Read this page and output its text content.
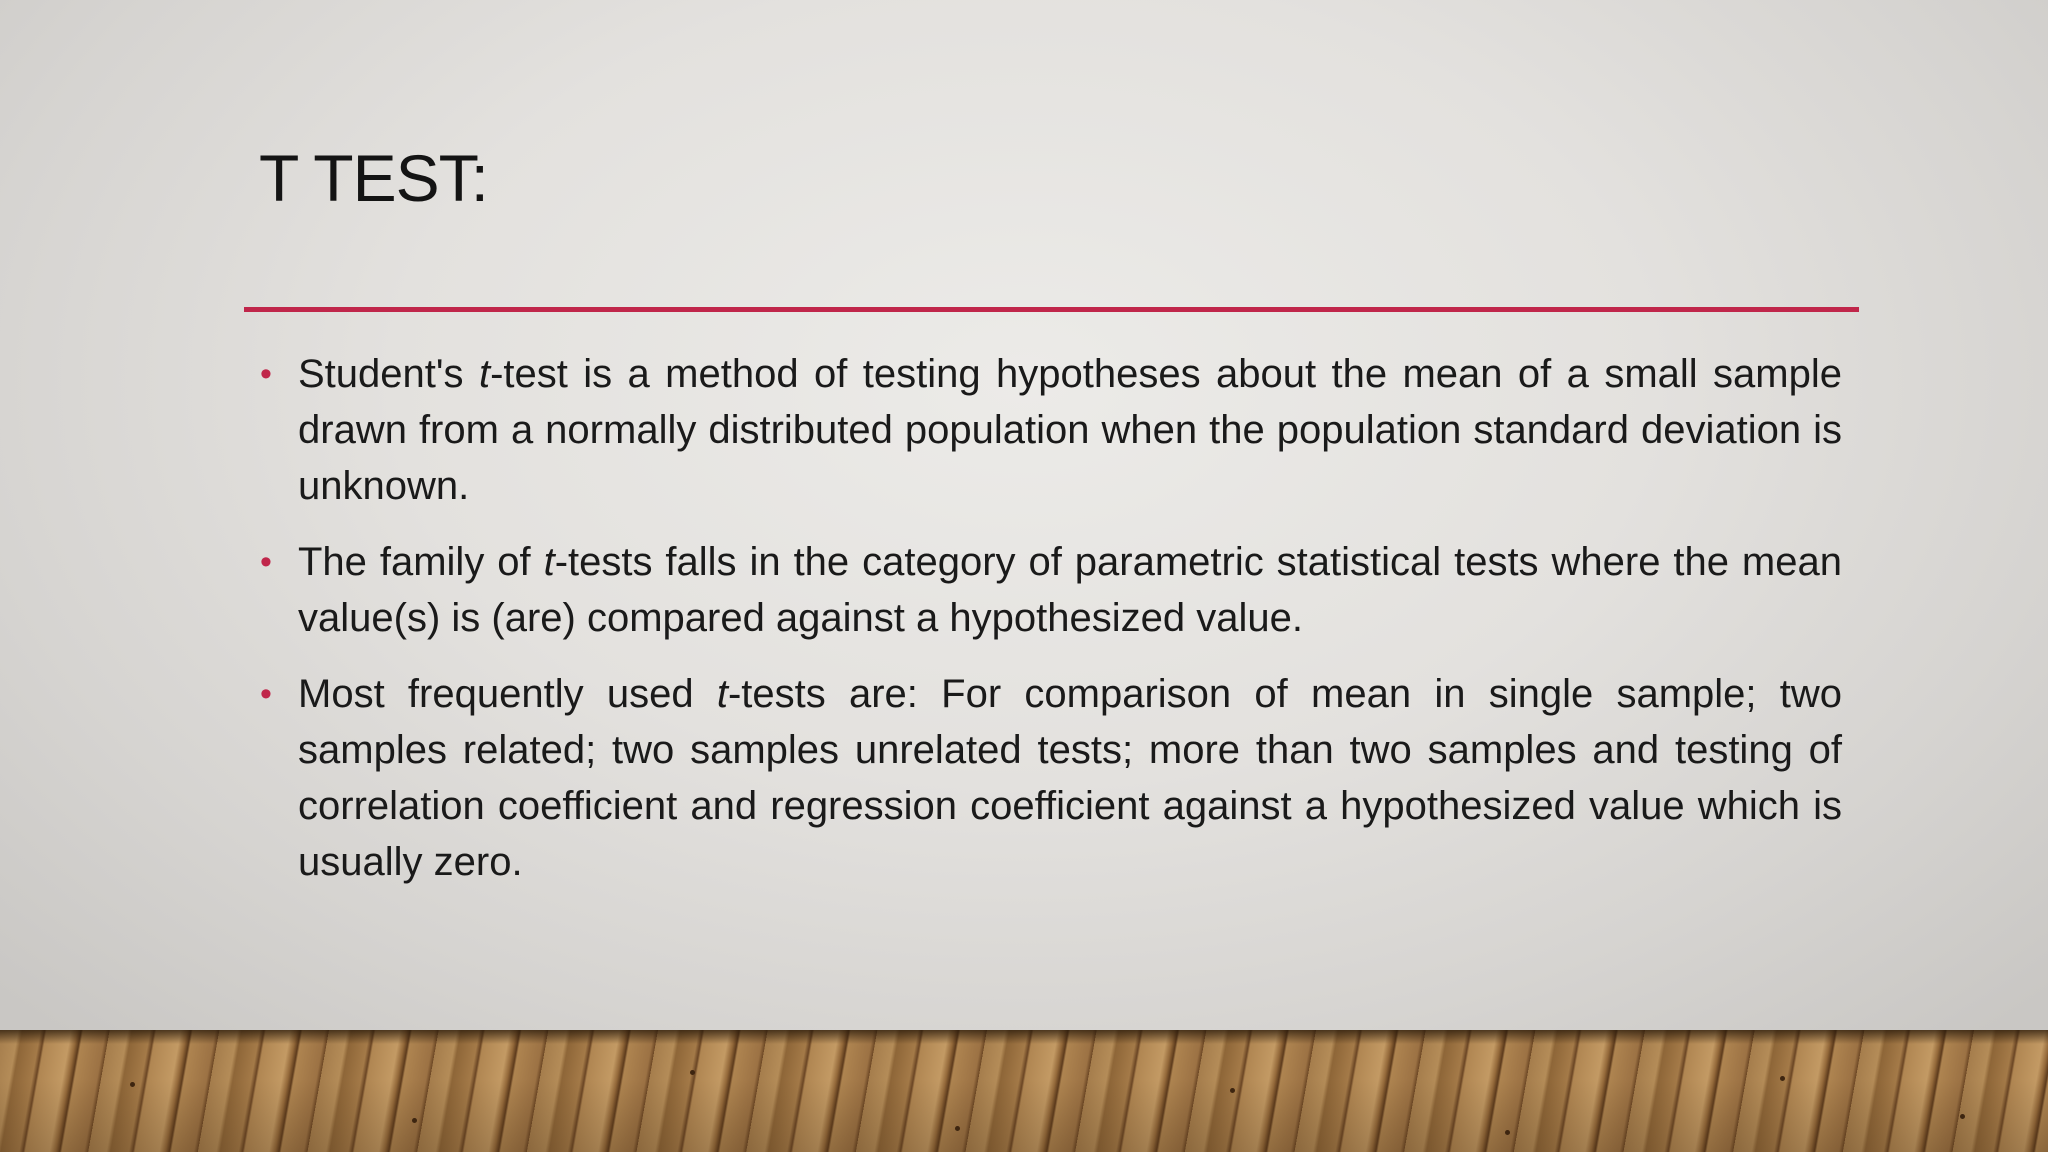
T TEST:
• Student's t-test is a method of testing hypotheses about the mean of a small sample drawn from a normally distributed population when the population standard deviation is unknown.
• The family of t-tests falls in the category of parametric statistical tests where the mean value(s) is (are) compared against a hypothesized value.
• Most frequently used t-tests are: For comparison of mean in single sample; two samples related; two samples unrelated tests; more than two samples and testing of correlation coefficient and regression coefficient against a hypothesized value which is usually zero.
